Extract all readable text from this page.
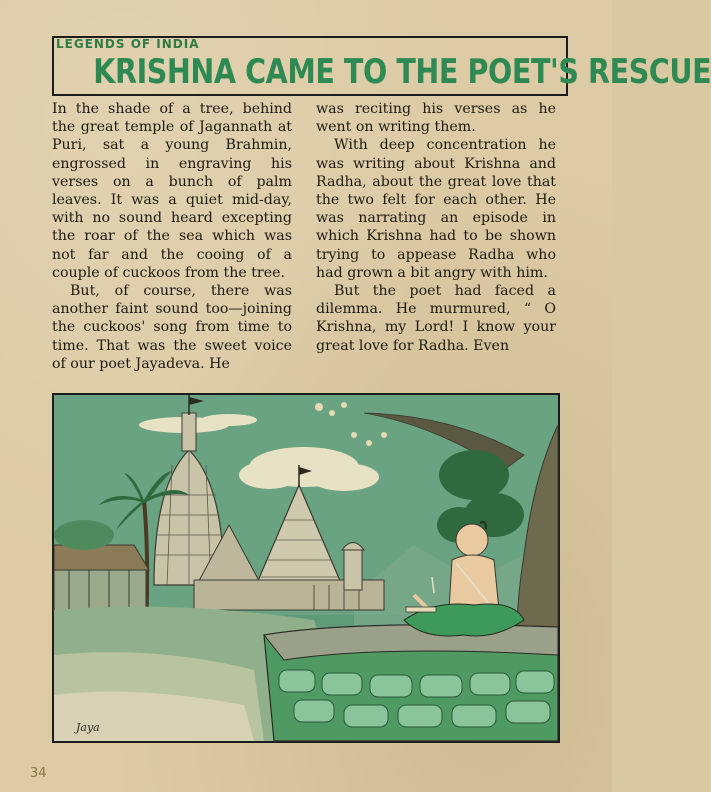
LEGENDS OF INDIA
KRISHNA CAME TO THE POET'S RESCUE

In the shade of a tree, behind the great temple of Jagannath at Puri, sat a young Brahmin, engrossed in engraving his verses on a bunch of palm leaves. It was a quiet mid-day, with no sound heard excepting the roar of the sea which was not far and the cooing of a couple of cuckoos from the tree.

But, of course, there was another faint sound too—joining the cuckoos' song from time to time. That was the sweet voice of our poet Jayadeva. He

was reciting his verses as he went on writing them.

With deep concentration he was writing about Krishna and Radha, about the great love that the two felt for each other. He was narrating an episode in which Krishna had to be shown trying to appease Radha who had grown a bit angry with him.

But the poet had faced a dilemma. He murmured, “ O Krishna, my Lord! I know your great love for Radha. Even

Jaya
34
